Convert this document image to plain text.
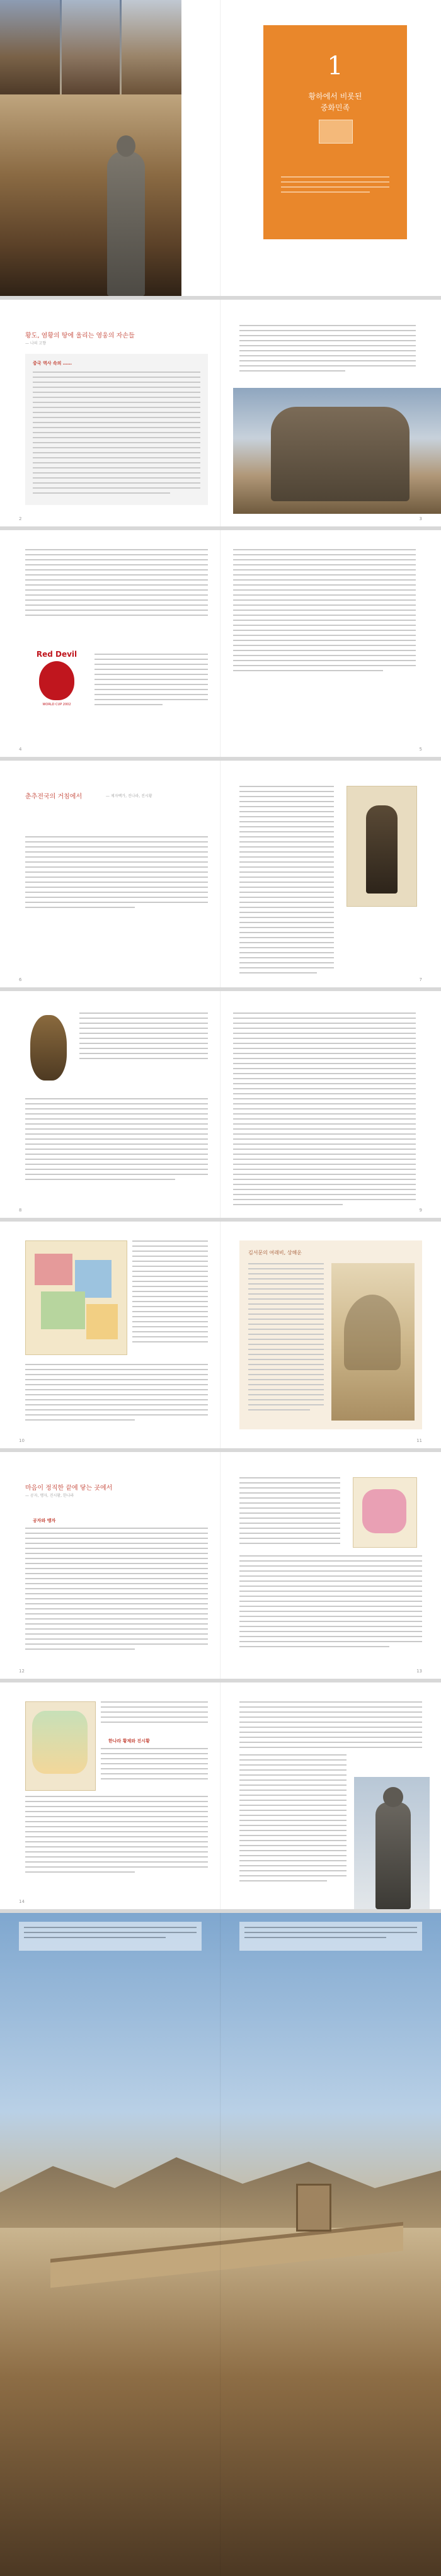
1
황하에서 비롯된
중화민족
황도, 염황의 땅에 울리는 영웅의 자손들
— 나의 고향
중국 역사 속의 ……
2	3
Red Devil
WORLD CUP 2002
4	5
춘추전국의 거침에서	— 제자백가, 진나라, 진시황
6	7
8	9
김서문의 여래비, 상해운
10	11
마음이 정직한 끝에 닿는 곳에서
— 공자, 맹자, 진시황, 한나라
공자와 맹자
12	13
한나라 황제와 진시황
14
